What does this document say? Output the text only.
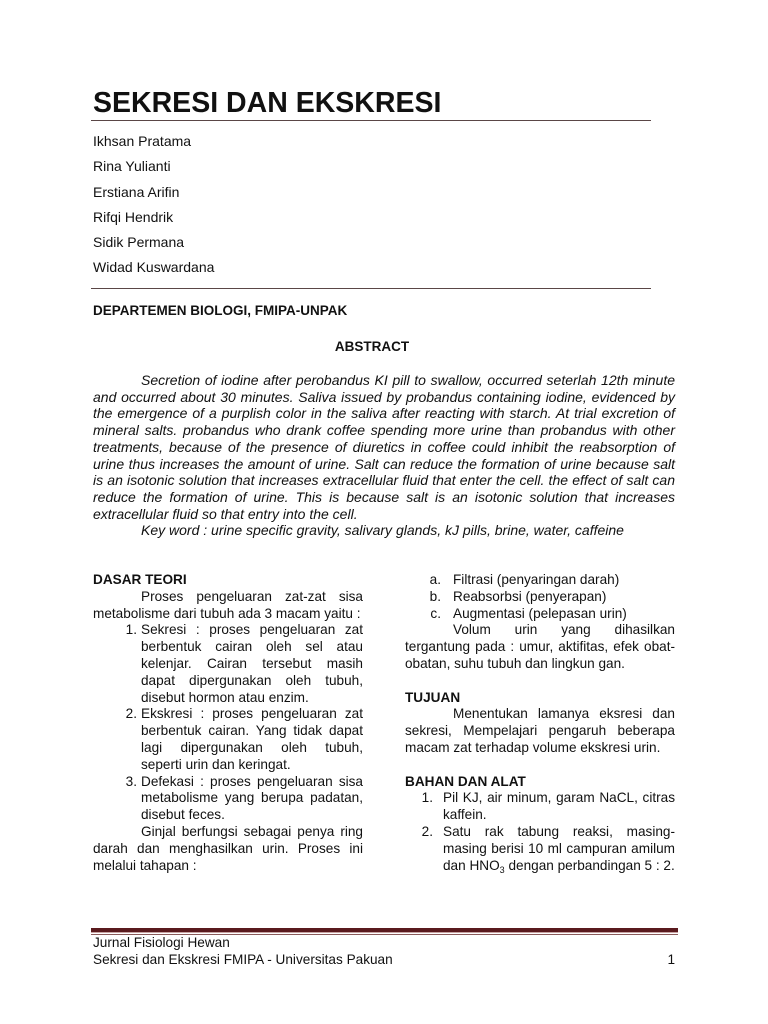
SEKRESI DAN EKSKRESI
Ikhsan Pratama
Rina Yulianti
Erstiana Arifin
Rifqi Hendrik
Sidik Permana
Widad Kuswardana
DEPARTEMEN BIOLOGI, FMIPA-UNPAK
ABSTRACT

Secretion of iodine after perobandus KI pill to swallow, occurred seterlah 12th minute and occurred about 30 minutes. Saliva issued by probandus containing iodine, evidenced by the emergence of a purplish color in the saliva after reacting with starch. At trial excretion of mineral salts. probandus who drank coffee spending more urine than probandus with other treatments, because of the presence of diuretics in coffee could inhibit the reabsorption of urine thus increases the amount of urine. Salt can reduce the formation of urine because salt is an isotonic solution that increases extracellular fluid that enter the cell. the effect of salt can reduce the formation of urine. This is because salt is an isotonic solution that increases extracellular fluid so that entry into the cell.

Key word : urine specific gravity, salivary glands, kJ pills, brine, water, caffeine

DASAR TEORI

Proses pengeluaran zat-zat sisa metabolisme dari tubuh ada 3 macam yaitu :

1. Sekresi : proses pengeluaran zat berbentuk cairan oleh sel atau kelenjar. Cairan tersebut masih dapat dipergunakan oleh tubuh, disebut hormon atau enzim.
2. Ekskresi : proses pengeluaran zat berbentuk cairan. Yang tidak dapat lagi dipergunakan oleh tubuh, seperti urin dan keringat.
3. Defekasi : proses pengeluaran sisa metabolisme yang berupa padatan, disebut feces.

Ginjal berfungsi sebagai penya ring darah dan menghasilkan urin. Proses ini melalui tahapan :

a. Filtrasi (penyaringan darah)
b. Reabsorbsi (penyerapan)
c. Augmentasi (pelepasan urin)

Volum urin yang dihasilkan tergantung pada : umur, aktifitas, efek obat-obatan, suhu tubuh dan lingkun gan.

TUJUAN

Menentukan lamanya eksresi dan sekresi, Mempelajari pengaruh beberapa macam zat terhadap volume ekskresi urin.

BAHAN DAN ALAT
1. Pil KJ, air minum, garam NaCL, citras kaffein.
2. Satu rak tabung reaksi, masing-masing berisi 10 ml campuran amilum dan $HNO_3$ dengan perbandingan 5 : 2.
Jurnal Fisiologi Hewan
Sekresi dan Ekskresi FMIPA - Universitas Pakuan	1
